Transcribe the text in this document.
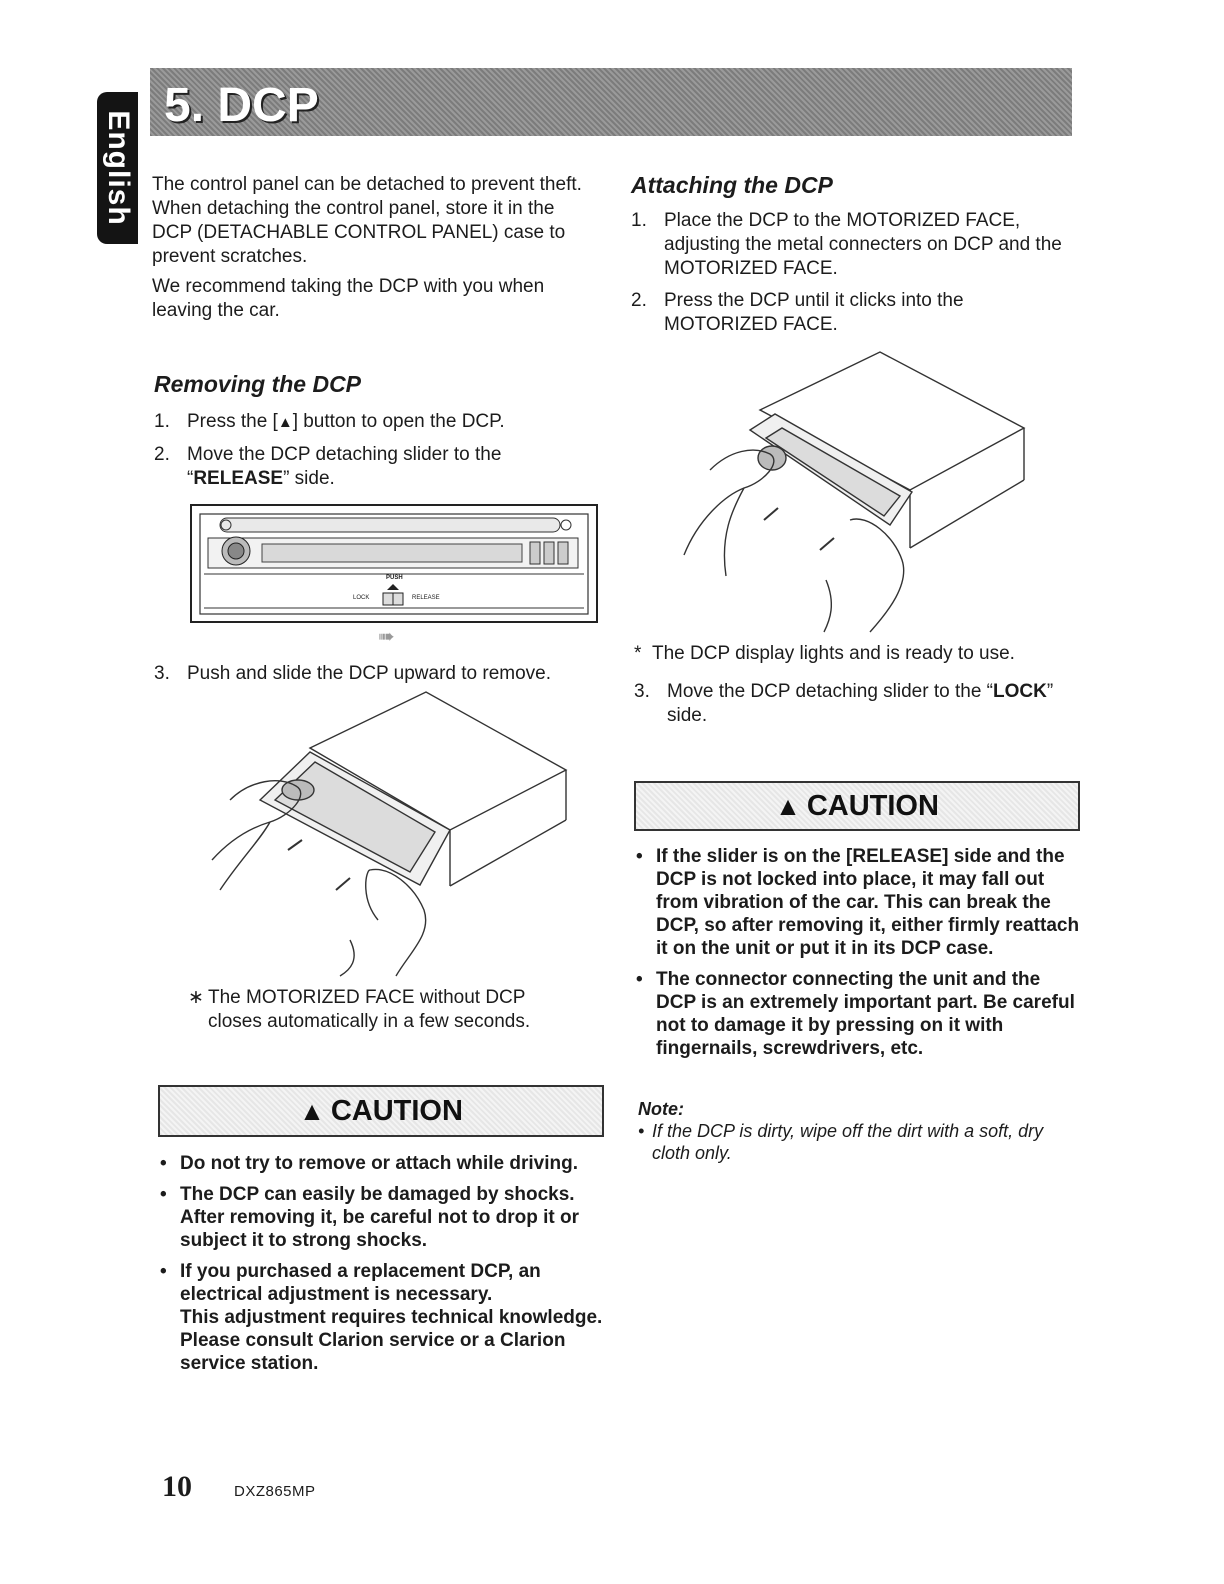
English
5. DCP
The control panel can be detached to prevent theft. When detaching the control panel, store it in the DCP (DETACHABLE CONTROL PANEL) case to prevent scratches.
We recommend taking the DCP with you when leaving the car.
Removing the DCP
1. Press the [▲] button to open the DCP.
2. Move the DCP detaching slider to the “RELEASE” side.
PUSH
LOCK	RELEASE
➠
3. Push and slide the DCP upward to remove.
∗ The MOTORIZED FACE without DCP closes automatically in a few seconds.
▲ CAUTION
• Do not try to remove or attach while driving.
• The DCP can easily be damaged by shocks. After removing it, be careful not to drop it or subject it to strong shocks.
• If you purchased a replacement DCP, an electrical adjustment is necessary.
This adjustment requires technical knowledge.
Please consult Clarion service or a Clarion service station.
Attaching the DCP
1. Place the DCP to the MOTORIZED FACE, adjusting the metal connecters on DCP and the MOTORIZED FACE.
2. Press the DCP until it clicks into the MOTORIZED FACE.
* The DCP display lights and is ready to use.
3. Move the DCP detaching slider to the “LOCK” side.
▲ CAUTION
• If the slider is on the [RELEASE] side and the DCP is not locked into place, it may fall out from vibration of the car. This can break the DCP, so after removing it, either firmly reattach it on the unit or put it in its DCP case.
• The connector connecting the unit and the DCP is an extremely important part. Be careful not to damage it by pressing on it with fingernails, screwdrivers, etc.
Note:
• If the DCP is dirty, wipe off the dirt with a soft, dry cloth only.
10	DXZ865MP
